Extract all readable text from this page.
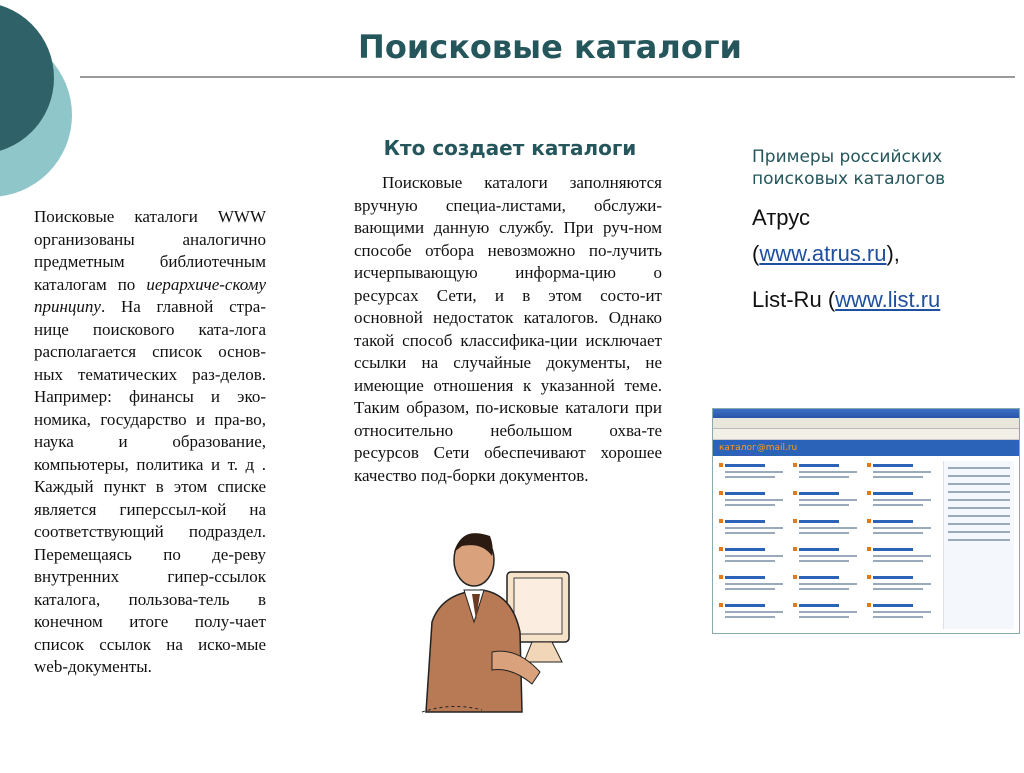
Поисковые каталоги
Поисковые каталоги WWW организованы аналогично предметным библиотечным каталогам по иерархиче-скому принципу. На главной стра-нице поискового ката-лога располагается список основ-ных тематических раз-делов. Например: финансы и эко-номика, государство и пра-во, наука и образование, компьютеры, политика и т. д . Каждый пункт в этом списке является гиперссыл-кой на соответствующий подраздел. Перемещаясь по де-реву внутренних гипер-ссылок каталога, пользова-тель в конечном итоге полу-чает список ссылок на иско-мые web-документы.
Кто создает каталоги
Поисковые каталоги заполняются вручную специа-листами, обслужи-вающими данную службу. При руч-ном способе отбора невозможно по-лучить исчерпывающую информа-цию о ресурсах Сети, и в этом состо-ит основной недостаток каталогов. Однако такой способ классифика-ции исключает ссылки на случайные документы, не имеющие отношения к указанной теме. Таким образом, по-исковые каталоги при относительно небольшом охва-те ресурсов Сети обеспечивают хорошее качество под-борки документов.
Примеры российских поисковых каталогов
Атрус
(www.atrus.ru),
List-Ru (www.list.ru
каталог@mail.ru
